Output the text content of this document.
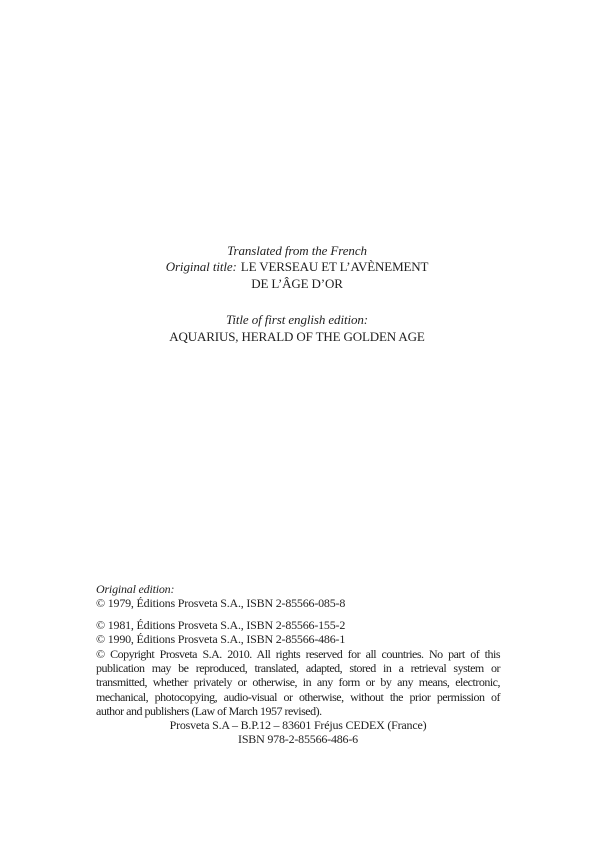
Translated from the French
Original title: LE VERSEAU ET L’AVÈNEMENT
DE L’ÂGE D’OR
Title of first english edition:
AQUARIUS, HERALD OF THE GOLDEN AGE
Original edition:
© 1979, Éditions Prosveta S.A., ISBN 2-85566-085-8
© 1981, Éditions Prosveta S.A., ISBN 2-85566-155-2
© 1990, Éditions Prosveta S.A., ISBN 2-85566-486-1
© Copyright Prosveta S.A. 2010. All rights reserved for all countries. No part of this
publication may be reproduced, translated, adapted, stored in a retrieval system or
transmitted, whether privately or otherwise, in any form or by any means, electronic,
mechanical, photocopying, audio-visual or otherwise, without the prior permission of
author and publishers (Law of March 1957 revised).
Prosveta S.A – B.P.12 – 83601 Fréjus CEDEX (France)
ISBN 978-2-85566-486-6
